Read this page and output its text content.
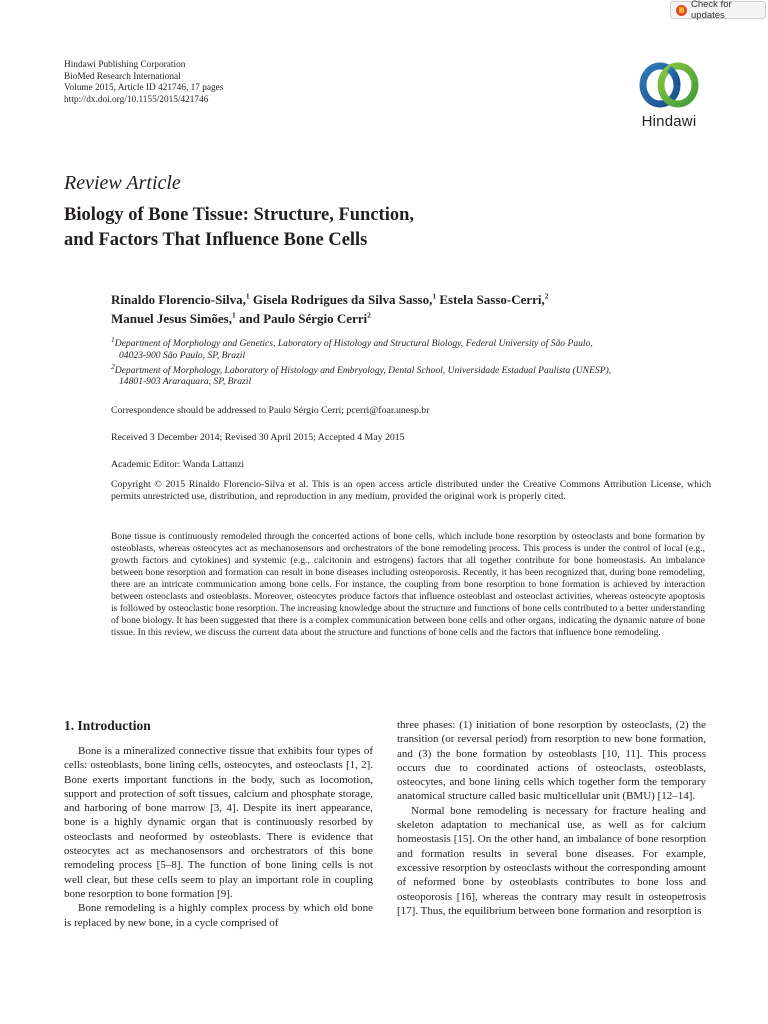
Check for updates
Hindawi Publishing Corporation
BioMed Research International
Volume 2015, Article ID 421746, 17 pages
http://dx.doi.org/10.1155/2015/421746
Hindawi
Review Article
Biology of Bone Tissue: Structure, Function,
and Factors That Influence Bone Cells
Rinaldo Florencio-Silva,$^1$ Gisela Rodrigues da Silva Sasso,$^1$ Estela Sasso-Cerri,$^2$
Manuel Jesus Simões,$^1$ and Paulo Sérgio Cerri$^2$
$^1$Department of Morphology and Genetics, Laboratory of Histology and Structural Biology, Federal University of São Paulo,
04023-900 São Paulo, SP, Brazil
$^2$Department of Morphology, Laboratory of Histology and Embryology, Dental School, Universidade Estadual Paulista (UNESP),
14801-903 Araraquara, SP, Brazil
Correspondence should be addressed to Paulo Sérgio Cerri; pcerri@foar.unesp.br
Received 3 December 2014; Revised 30 April 2015; Accepted 4 May 2015
Academic Editor: Wanda Lattanzi
Copyright © 2015 Rinaldo Florencio-Silva et al. This is an open access article distributed under the Creative Commons Attribution License, which permits unrestricted use, distribution, and reproduction in any medium, provided the original work is properly cited.
Bone tissue is continuously remodeled through the concerted actions of bone cells, which include bone resorption by osteoclasts and bone formation by osteoblasts, whereas osteocytes act as mechanosensors and orchestrators of the bone remodeling process. This process is under the control of local (e.g., growth factors and cytokines) and systemic (e.g., calcitonin and estrogens) factors that all together contribute for bone homeostasis. An imbalance between bone resorption and formation can result in bone diseases including osteoporosis. Recently, it has been recognized that, during bone remodeling, there are an intricate communication among bone cells. For instance, the coupling from bone resorption to bone formation is achieved by interaction between osteoclasts and osteoblasts. Moreover, osteocytes produce factors that influence osteoblast and osteoclast activities, whereas osteocyte apoptosis is followed by osteoclastic bone resorption. The increasing knowledge about the structure and functions of bone cells contributed to a better understanding of bone biology. It has been suggested that there is a complex communication between bone cells and other organs, indicating the dynamic nature of bone tissue. In this review, we discuss the current data about the structure and functions of bone cells and the factors that influence bone remodeling.
1. Introduction

Bone is a mineralized connective tissue that exhibits four types of cells: osteoblasts, bone lining cells, osteocytes, and osteoclasts [1, 2]. Bone exerts important functions in the body, such as locomotion, support and protection of soft tissues, calcium and phosphate storage, and harboring of bone marrow [3, 4]. Despite its inert appearance, bone is a highly dynamic organ that is continuously resorbed by osteoclasts and neoformed by osteoblasts. There is evidence that osteocytes act as mechanosensors and orchestrators of this bone remodeling process [5–8]. The function of bone lining cells is not well clear, but these cells seem to play an important role in coupling bone resorption to bone formation [9].

Bone remodeling is a highly complex process by which old bone is replaced by new bone, in a cycle comprised of

three phases: (1) initiation of bone resorption by osteoclasts, (2) the transition (or reversal period) from resorption to new bone formation, and (3) the bone formation by osteoblasts [10, 11]. This process occurs due to coordinated actions of osteoclasts, osteoblasts, osteocytes, and bone lining cells which together form the temporary anatomical structure called basic multicellular unit (BMU) [12–14].

Normal bone remodeling is necessary for fracture healing and skeleton adaptation to mechanical use, as well as for calcium homeostasis [15]. On the other hand, an imbalance of bone resorption and formation results in several bone diseases. For example, excessive resorption by osteoclasts without the corresponding amount of neformed bone by osteoblasts contributes to bone loss and osteoporosis [16], whereas the contrary may result in osteopetrosis [17]. Thus, the equilibrium between bone formation and resorption is
